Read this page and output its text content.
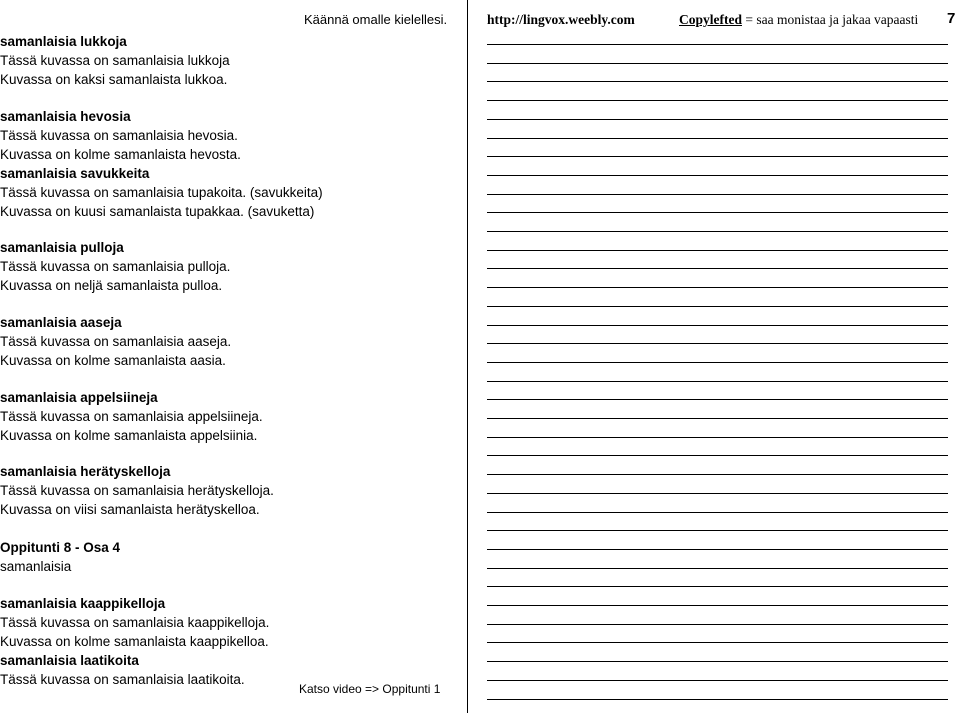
Käännä omalle kielellesi.
samanlaisia lukkoja
Tässä kuvassa on samanlaisia lukkoja
Kuvassa on kaksi samanlaista lukkoa.
samanlaisia hevosia
Tässä kuvassa on samanlaisia hevosia.
Kuvassa on kolme samanlaista hevosta.
samanlaisia savukkeita
Tässä kuvassa on samanlaisia tupakoita. (savukkeita)
Kuvassa on kuusi samanlaista tupakkaa. (savuketta)
samanlaisia pulloja
Tässä kuvassa on samanlaisia pulloja.
Kuvassa on neljä samanlaista pulloa.
samanlaisia aaseja
Tässä kuvassa on samanlaisia aaseja.
Kuvassa on kolme samanlaista aasia.
samanlaisia appelsiineja
Tässä kuvassa on samanlaisia appelsiineja.
Kuvassa on kolme samanlaista appelsiinia.
samanlaisia herätyskelloja
Tässä kuvassa on samanlaisia herätyskelloja.
Kuvassa on viisi samanlaista herätyskelloa.
Oppitunti 8 - Osa 4
samanlaisia
samanlaisia kaappikelloja
Tässä kuvassa on samanlaisia kaappikelloja.
Kuvassa on kolme samanlaista kaappikelloa.
samanlaisia laatikoita
Tässä kuvassa on samanlaisia laatikoita.
Katso video => Oppitunti 1
http://lingvox.weebly.com	Copylefted = saa monistaa ja jakaa vapaasti 7
